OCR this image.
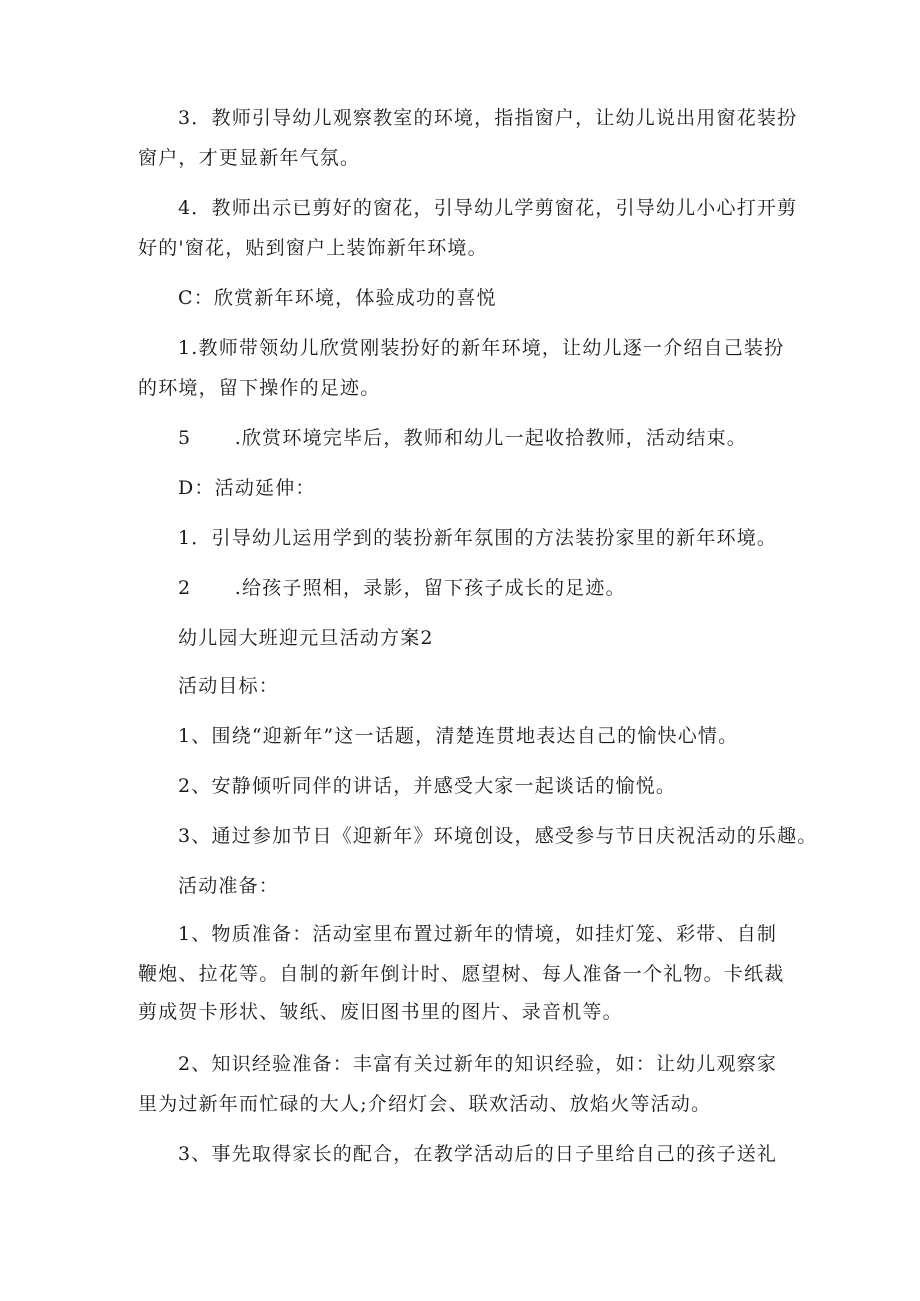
3．教师引导幼儿观察教室的环境，指指窗户，让幼儿说出用窗花装扮
窗户，才更显新年气氛。
4．教师出示已剪好的窗花，引导幼儿学剪窗花，引导幼儿小心打开剪
好的'窗花，贴到窗户上装饰新年环境。
C：欣赏新年环境，体验成功的喜悦
1.教师带领幼儿欣赏刚装扮好的新年环境，让幼儿逐一介绍自己装扮
的环境，留下操作的足迹。
5      .欣赏环境完毕后，教师和幼儿一起收拾教师，活动结束。
D：活动延伸：
1．引导幼儿运用学到的装扮新年氛围的方法装扮家里的新年环境。
2      .给孩子照相，录影，留下孩子成长的足迹。
幼儿园大班迎元旦活动方案2
活动目标：
1、围绕“迎新年”这一话题，清楚连贯地表达自己的愉快心情。
2、安静倾听同伴的讲话，并感受大家一起谈话的愉悦。
3、通过参加节日《迎新年》环境创设，感受参与节日庆祝活动的乐趣。
活动准备：
1、物质准备：活动室里布置过新年的情境，如挂灯笼、彩带、自制
鞭炮、拉花等。自制的新年倒计时、愿望树、每人准备一个礼物。卡纸裁
剪成贺卡形状、皱纸、废旧图书里的图片、录音机等。
2、知识经验准备：丰富有关过新年的知识经验，如：让幼儿观察家
里为过新年而忙碌的大人;介绍灯会、联欢活动、放焰火等活动。
3、事先取得家长的配合，在教学活动后的日子里给自己的孩子送礼
